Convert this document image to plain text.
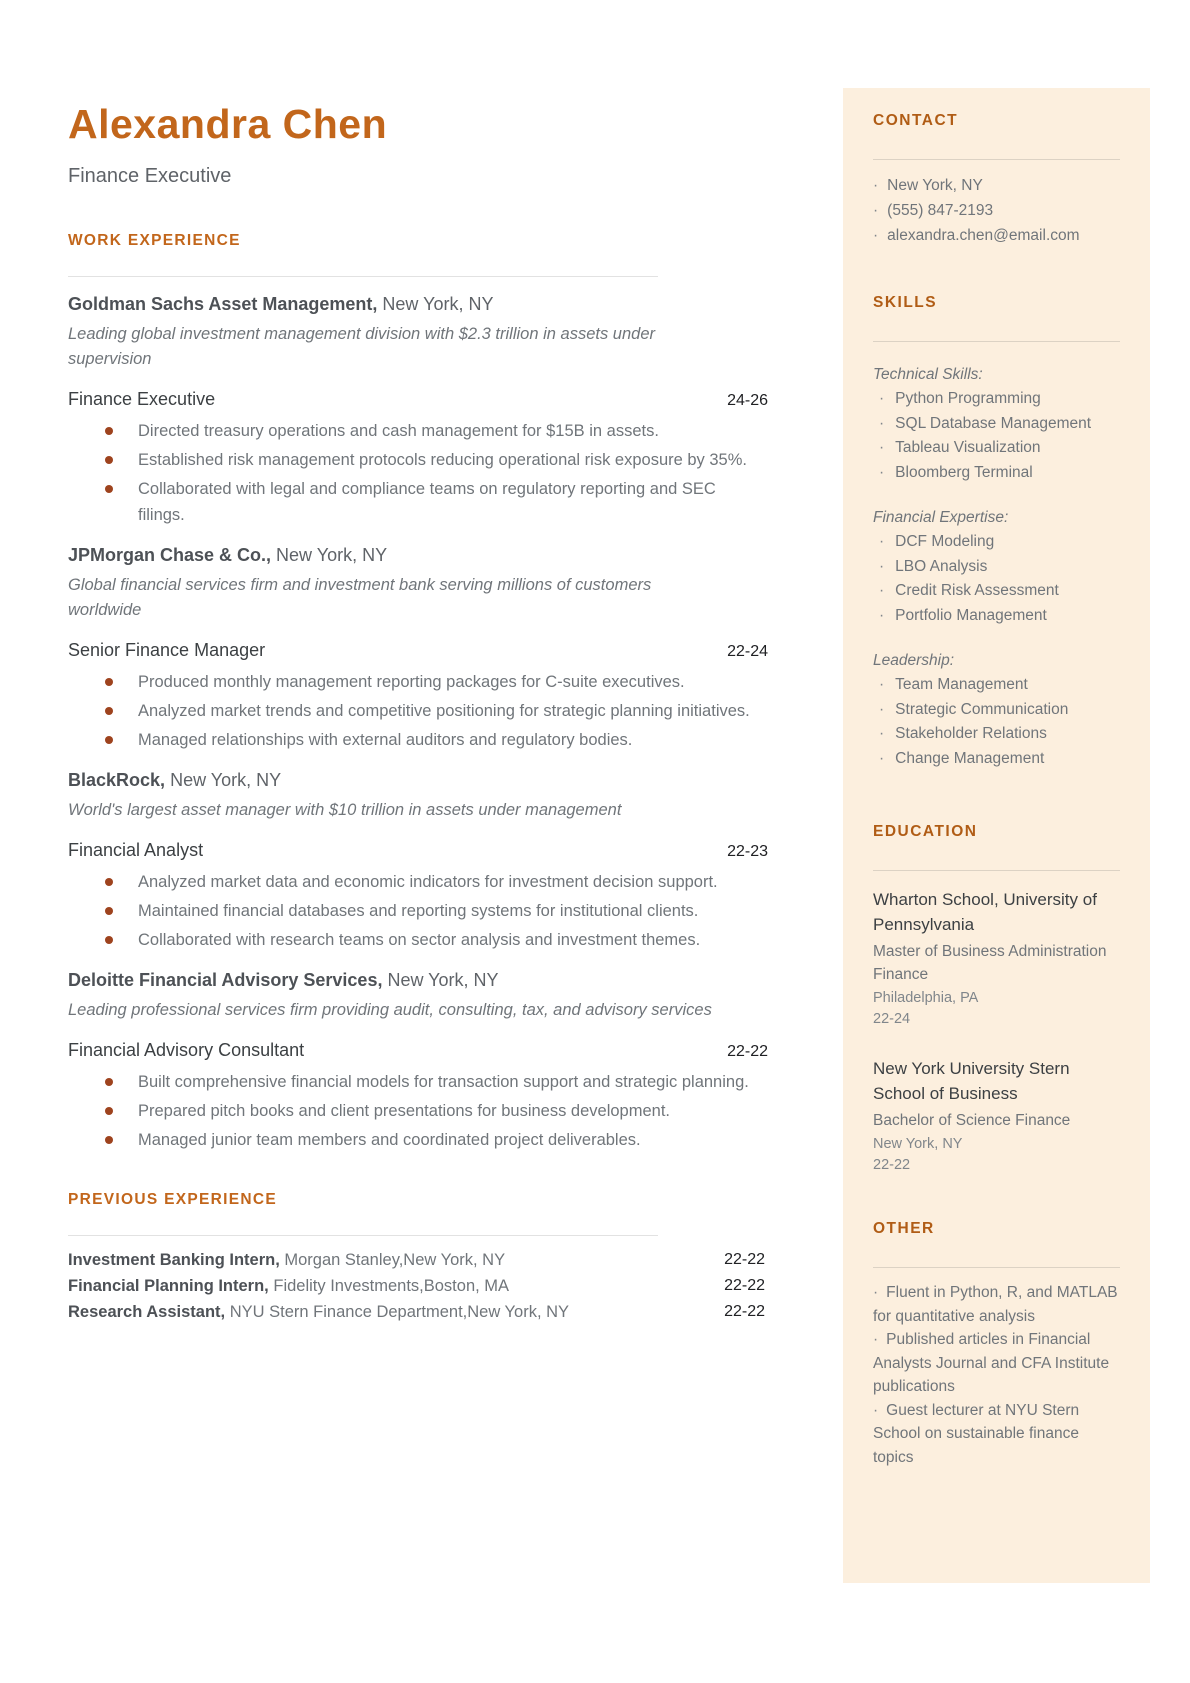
Alexandra Chen
Finance Executive
WORK EXPERIENCE
Goldman Sachs Asset Management, New York, NY
Leading global investment management division with $2.3 trillion in assets under supervision
Finance Executive	24-26
Directed treasury operations and cash management for $15B in assets.
Established risk management protocols reducing operational risk exposure by 35%.
Collaborated with legal and compliance teams on regulatory reporting and SEC filings.
JPMorgan Chase & Co., New York, NY
Global financial services firm and investment bank serving millions of customers worldwide
Senior Finance Manager	22-24
Produced monthly management reporting packages for C-suite executives.
Analyzed market trends and competitive positioning for strategic planning initiatives.
Managed relationships with external auditors and regulatory bodies.
BlackRock, New York, NY
World's largest asset manager with $10 trillion in assets under management
Financial Analyst	22-23
Analyzed market data and economic indicators for investment decision support.
Maintained financial databases and reporting systems for institutional clients.
Collaborated with research teams on sector analysis and investment themes.
Deloitte Financial Advisory Services, New York, NY
Leading professional services firm providing audit, consulting, tax, and advisory services
Financial Advisory Consultant	22-22
Built comprehensive financial models for transaction support and strategic planning.
Prepared pitch books and client presentations for business development.
Managed junior team members and coordinated project deliverables.
PREVIOUS EXPERIENCE
Investment Banking Intern, Morgan Stanley,New York, NY	22-22
Financial Planning Intern, Fidelity Investments,Boston, MA	22-22
Research Assistant, NYU Stern Finance Department,New York, NY	22-22
CONTACT
· New York, NY
· (555) 847-2193
· alexandra.chen@email.com
SKILLS
Technical Skills:
· Python Programming
· SQL Database Management
· Tableau Visualization
· Bloomberg Terminal
Financial Expertise:
· DCF Modeling
· LBO Analysis
· Credit Risk Assessment
· Portfolio Management
Leadership:
· Team Management
· Strategic Communication
· Stakeholder Relations
· Change Management
EDUCATION
Wharton School, University of Pennsylvania
Master of Business Administration Finance
Philadelphia, PA
22-24
New York University Stern School of Business
Bachelor of Science Finance
New York, NY
22-22
OTHER
· Fluent in Python, R, and MATLAB for quantitative analysis
· Published articles in Financial Analysts Journal and CFA Institute publications
· Guest lecturer at NYU Stern School on sustainable finance topics
